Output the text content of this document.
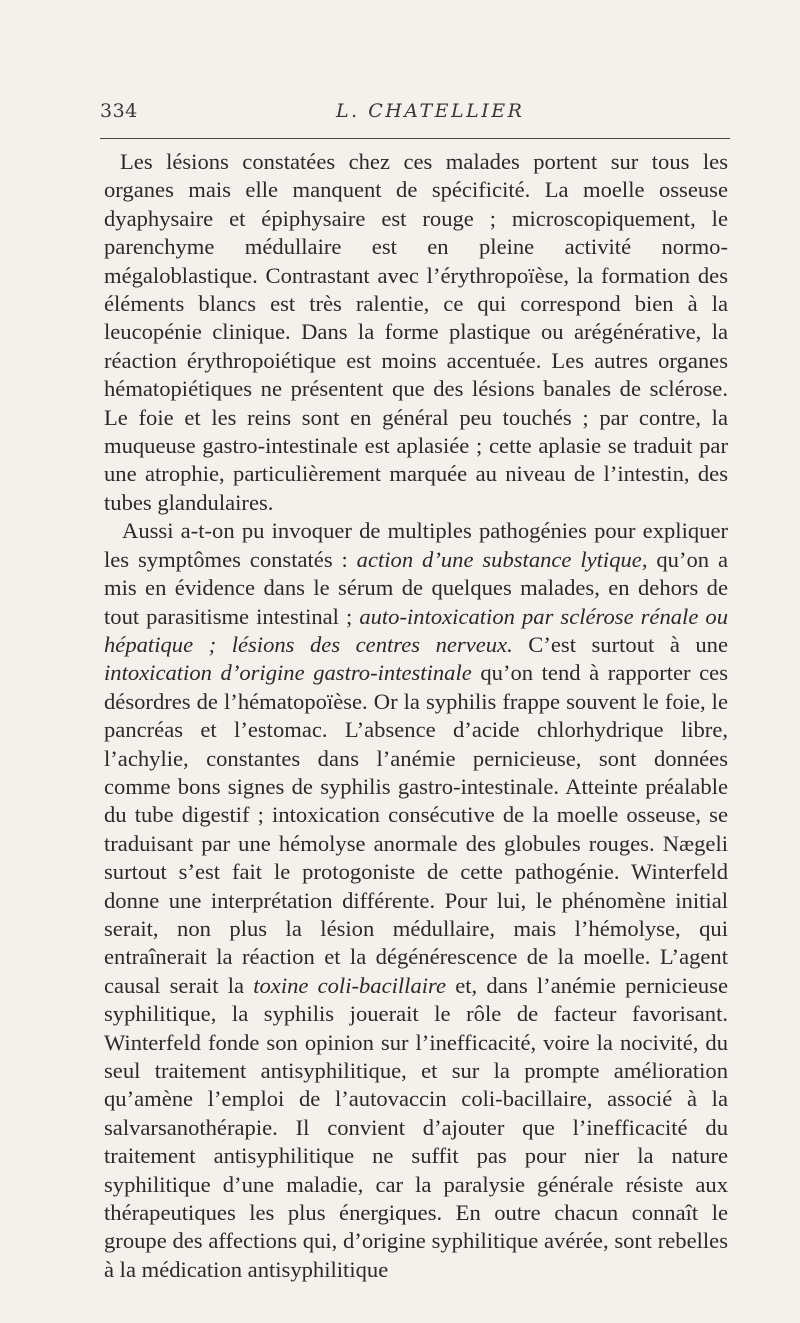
334	L. CHATELLIER

Les lésions constatées chez ces malades portent sur tous les organes mais elle manquent de spécificité. La moelle osseuse dyaphysaire et épiphysaire est rouge ; microscopiquement, le parenchyme médullaire est en pleine activité normo-mégaloblastique. Contrastant avec l’érythropoïèse, la formation des éléments blancs est très ralentie, ce qui correspond bien à la leucopénie clinique. Dans la forme plastique ou arégénérative, la réaction érythropoiétique est moins accentuée. Les autres organes hématopiétiques ne présentent que des lésions banales de sclérose. Le foie et les reins sont en général peu touchés ; par contre, la muqueuse gastro-intestinale est aplasiée ; cette aplasie se traduit par une atrophie, particulièrement marquée au niveau de l’intestin, des tubes glandulaires.

Aussi a-t-on pu invoquer de multiples pathogénies pour expliquer les symptômes constatés : action d’une substance lytique, qu’on a mis en évidence dans le sérum de quelques malades, en dehors de tout parasitisme intestinal ; auto-intoxication par sclérose rénale ou hépatique ; lésions des centres nerveux. C’est surtout à une intoxication d’origine gastro-intestinale qu’on tend à rapporter ces désordres de l’hématopoïèse. Or la syphilis frappe souvent le foie, le pancréas et l’estomac. L’absence d’acide chlorhydrique libre, l’achylie, constantes dans l’anémie pernicieuse, sont données comme bons signes de syphilis gastro-intestinale. Atteinte préalable du tube digestif ; intoxication consécutive de la moelle osseuse, se traduisant par une hémolyse anormale des globules rouges. Nægeli surtout s’est fait le protogoniste de cette pathogénie. Winterfeld donne une interprétation différente. Pour lui, le phénomène initial serait, non plus la lésion médullaire, mais l’hémolyse, qui entraînerait la réaction et la dégénérescence de la moelle. L’agent causal serait la toxine coli-bacillaire et, dans l’anémie pernicieuse syphilitique, la syphilis jouerait le rôle de facteur favorisant. Winterfeld fonde son opinion sur l’inefficacité, voire la nocivité, du seul traitement antisyphilitique, et sur la prompte amélioration qu’amène l’emploi de l’autovaccin coli-bacillaire, associé à la salvarsanothérapie. Il convient d’ajouter que l’inefficacité du traitement antisyphilitique ne suffit pas pour nier la nature syphilitique d’une maladie, car la paralysie générale résiste aux thérapeutiques les plus énergiques. En outre chacun connaît le groupe des affections qui, d’origine syphilitique avérée, sont rebelles à la médication antisyphilitique
